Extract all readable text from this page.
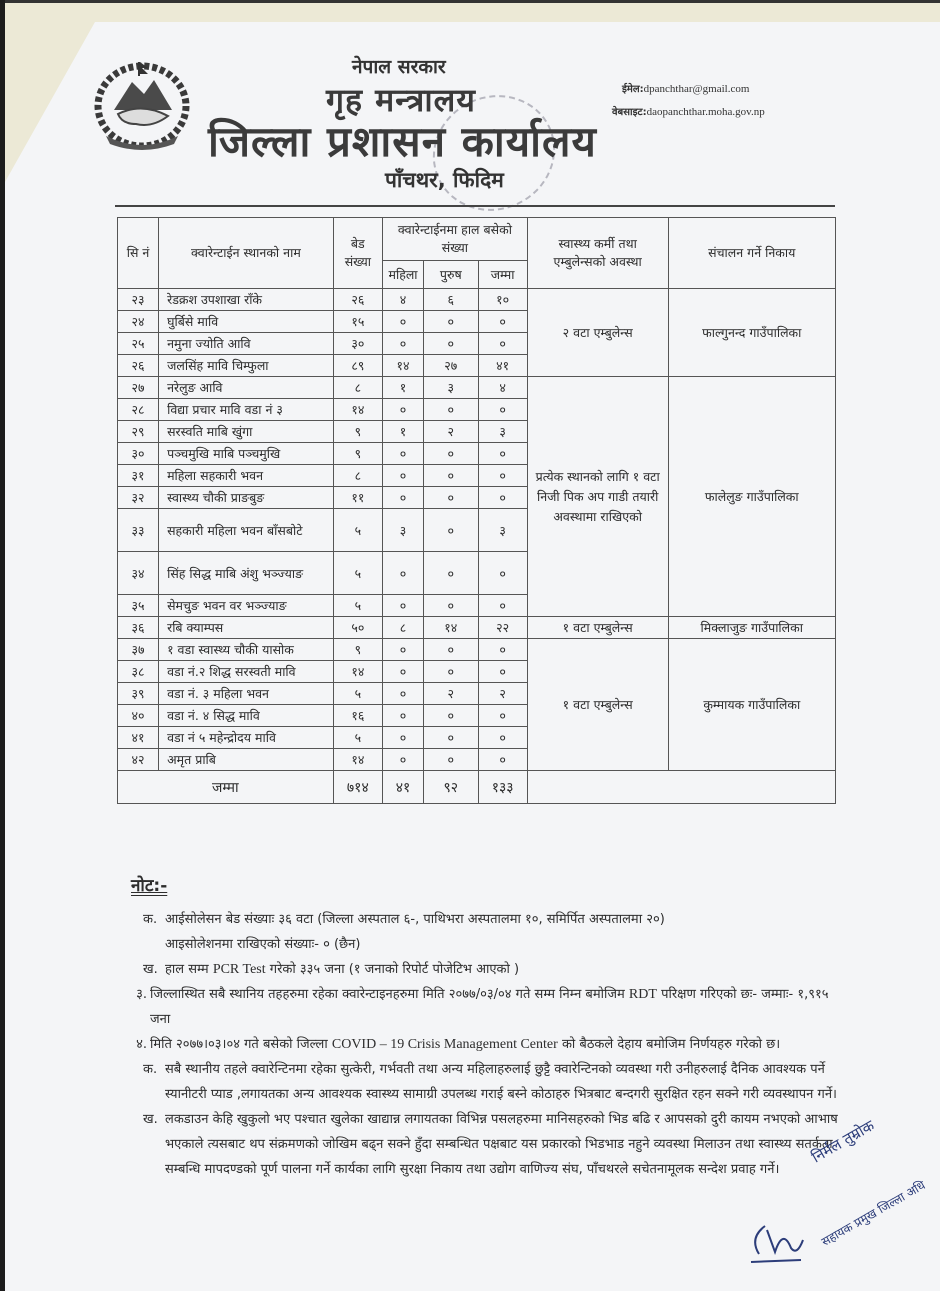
नेपाल सरकार
गृह मन्त्रालय
जिल्ला प्रशासन कार्यालय
पाँचथर, फिदिम
ईमेल:dpanchthar@gmail.com
वेबसाइट:daopanchthar.moha.gov.np
सि नं	क्वारेन्टाईन स्थानको नाम	बेड संख्या	क्वारेन्टाईनमा हाल बसेको संख्या			स्वास्थ्य कर्मी तथा एम्बुलेन्सको अवस्था	संचालन गर्ने निकाय
			महिला	पुरुष	जम्मा		
२३	रेडक्रश उपशाखा राँके	२६	४	६	१०	२ वटा एम्बुलेन्स	फाल्गुनन्द गाउँपालिका
२४	घुर्बिसे मावि	१५	०	०	०		
२५	नमुना ज्योति आवि	३०	०	०	०		
२६	जलसिंह मावि चिम्फुला	८९	१४	२७	४१		
२७	नरेलुङ आवि	८	१	३	४	प्रत्येक स्थानको लागि १ वटा निजी पिक अप गाडी तयारी अवस्थामा राखिएको	फालेलुङ गाउँपालिका
२८	विद्या प्रचार मावि वडा नं ३	१४	०	०	०		
२९	सरस्वति माबि खुंगा	९	१	२	३		
३०	पञ्चमुखि माबि पञ्चमुखि	९	०	०	०		
३१	महिला सहकारी भवन	८	०	०	०		
३२	स्वास्थ्य चौकी प्राङबुङ	११	०	०	०		
३३	सहकारी महिला भवन बाँसबोटे	५	३	०	३		
३४	सिंह सिद्ध माबि अंशु भञ्ज्याङ	५	०	०	०		
३५	सेमचुङ भवन वर भञ्ज्याङ	५	०	०	०		
३६	रबि क्याम्पस	५०	८	१४	२२	१ वटा एम्बुलेन्स	मिक्लाजुङ गाउँपालिका
३७	१ वडा स्वास्थ्य चौकी यासोक	९	०	०	०	१ वटा एम्बुलेन्स	कुम्मायक गाउँपालिका
३८	वडा नं.२ शिद्ध सरस्वती मावि	१४	०	०	०		
३९	वडा नं. ३ महिला भवन	५	०	२	२		
४०	वडा नं. ४ सिद्ध मावि	१६	०	०	०		
४१	वडा नं ५ महेन्द्रोदय मावि	५	०	०	०		
४२	अमृत प्राबि	१४	०	०	०		
जम्मा		७१४	४१	९२	१३३		
नोट:-
क. आईसोलेसन बेड संख्याः ३६ वटा (जिल्ला अस्पताल ६-, पाथिभरा अस्पतालमा १०, समिर्पित अस्पतालमा २०)
आइसोलेशनमा राखिएको संख्याः- ० (छैन)
ख. हाल सम्म PCR Test गरेको ३३५ जना (१ जनाको रिपोर्ट पोजेटिभ आएको )
३. जिल्लास्थित सबै स्थानिय तहहरुमा रहेका क्वारेन्टाइनहरुमा मिति २०७७/०३/०४ गते सम्म निम्न बमोजिम RDT परिक्षण गरिएको छः- जम्माः- १,९१५ जना
४. मिति २०७७।०३।०४ गते बसेको जिल्ला COVID – 19 Crisis Management Center को बैठकले देहाय बमोजिम निर्णयहरु गरेको छ।
क. सबै स्थानीय तहले क्वारेन्टिनमा रहेका सुत्केरी, गर्भवती तथा अन्य महिलाहरुलाई छुट्टै क्वारेन्टिनको व्यवस्था गरी उनीहरुलाई दैनिक आवश्यक पर्ने स्यानीटरी प्याड ,लगायतका अन्य आवश्यक स्वास्थ्य सामाग्री उपलब्ध गराई बस्ने कोठाहरु भित्रबाट बन्दगरी सुरक्षित रहन सक्ने गरी व्यवस्थापन गर्ने।
ख. लकडाउन केहि खुकुलो भए पश्चात खुलेका खाद्यान्न लगायतका विभिन्न पसलहरुमा मानिसहरुको भिड बढि र आपसको दुरी कायम नभएको आभाष भएकाले त्यसबाट थप संक्रमणको जोखिम बढ्न सक्ने हुँदा सम्बन्धित पक्षबाट यस प्रकारको भिडभाड नहुने व्यवस्था मिलाउन तथा स्वास्थ्य सतर्कता सम्बन्धि मापदण्डको पूर्ण पालना गर्ने कार्यका लागि सुरक्षा निकाय तथा उद्योग वाणिज्य संघ, पाँचथरले सचेतनामूलक सन्देश प्रवाह गर्ने।
निर्मल तुम्रोक
सहायक प्रमुख जिल्ला अधि
